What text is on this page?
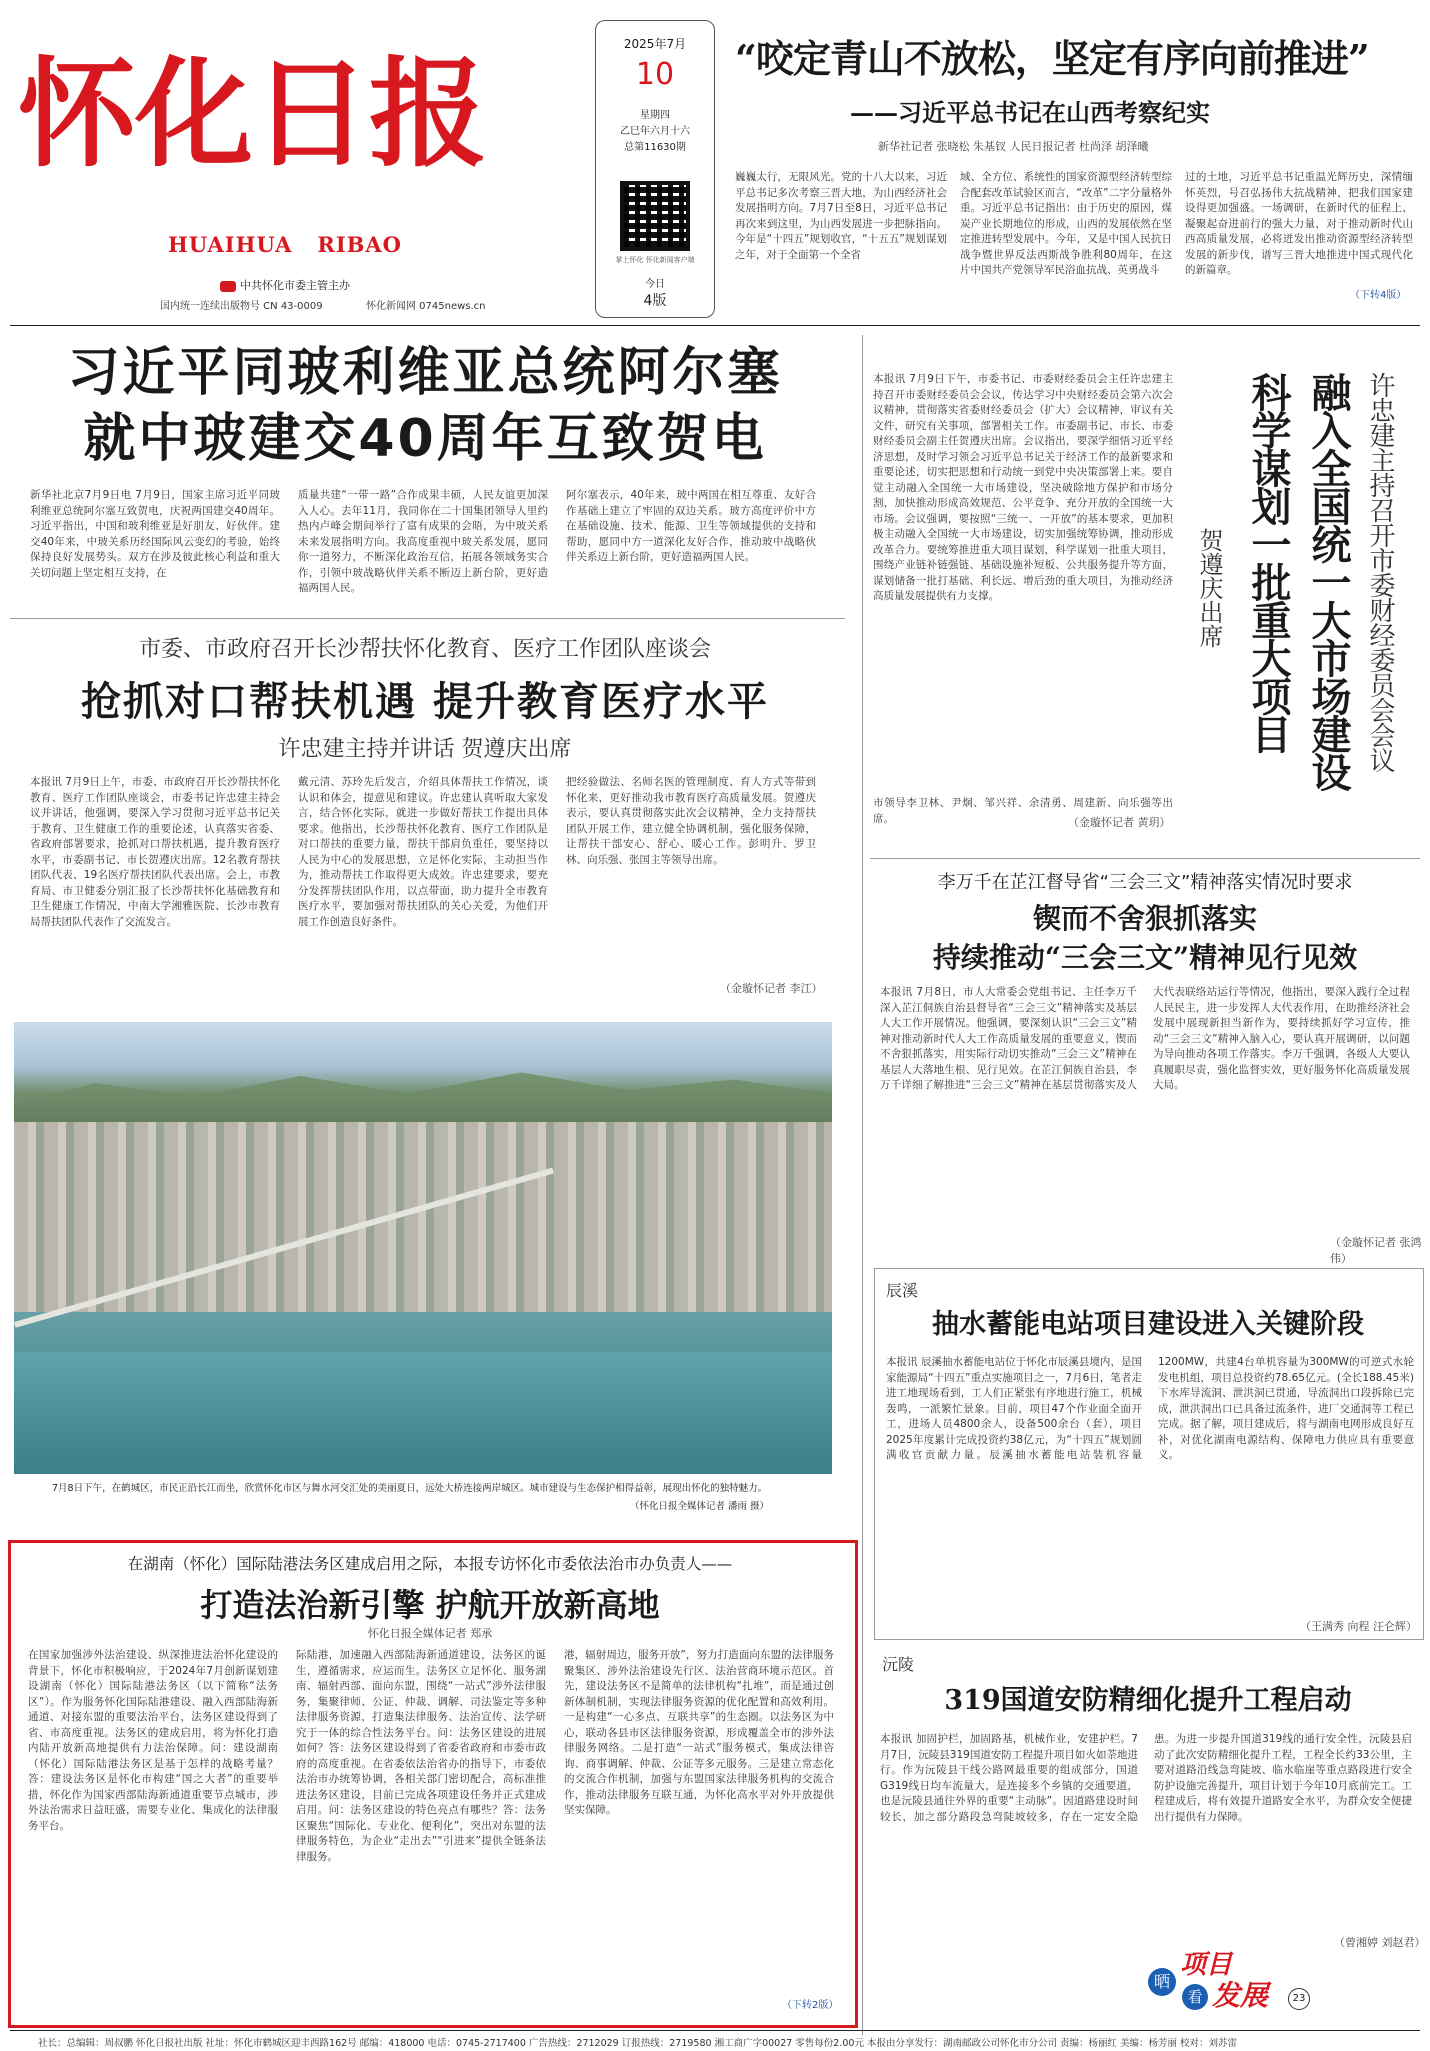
怀化日报
HUAIHUA   RIBAO
中共怀化市委主管主办
国内统一连续出版物号 CN 43-0009	怀化新闻网 0745news.cn
2025年7月
10
星期四
乙巳年六月十六
总第11630期
掌上怀化 怀化新闻客户端
今日
4版
“咬定青山不放松，坚定有序向前推进”
——习近平总书记在山西考察纪实
新华社记者 张晓松 朱基钗 人民日报记者 杜尚泽 胡泽曦
巍巍太行，无限风光。党的十八大以来，习近平总书记多次考察三晋大地，为山西经济社会发展指明方向。7月7日至8日，习近平总书记再次来到这里，为山西发展进一步把脉指向。今年是“十四五”规划收官，“十五五”规划谋划之年，对于全面第一个全省
域、全方位、系统性的国家资源型经济转型综合配套改革试验区而言，“改革”二字分量格外重。习近平总书记指出：由于历史的原因，煤炭产业长期地位的形成，山西的发展依然在坚定推进转型发展中。今年，又是中国人民抗日战争暨世界反法西斯战争胜利80周年，在这片中国共产党领导军民浴血抗战、英勇战斗
过的土地，习近平总书记重温光辉历史，深情缅怀英烈，号召弘扬伟大抗战精神，把我们国家建设得更加强盛。一场调研，在新时代的征程上，凝聚起奋进前行的强大力量，对于推动新时代山西高质量发展，必将迸发出推动资源型经济转型发展的新步伐，谱写三晋大地推进中国式现代化的新篇章。
（下转4版）
习近平同玻利维亚总统阿尔塞
就中玻建交40周年互致贺电
新华社北京7月9日电 7月9日，国家主席习近平同玻利维亚总统阿尔塞互致贺电，庆祝两国建交40周年。习近平指出，中国和玻利维亚是好朋友、好伙伴。建交40年来，中玻关系历经国际风云变幻的考验，始终保持良好发展势头。双方在涉及彼此核心利益和重大关切问题上坚定相互支持，在
质量共建“一带一路”合作成果丰硕，人民友谊更加深入人心。去年11月，我同你在二十国集团领导人里约热内卢峰会期间举行了富有成果的会晤，为中玻关系未来发展指明方向。我高度重视中玻关系发展，愿同你一道努力，不断深化政治互信，拓展各领域务实合作，引领中玻战略伙伴关系不断迈上新台阶，更好造福两国人民。
阿尔塞表示，40年来，玻中两国在相互尊重、友好合作基础上建立了牢固的双边关系。玻方高度评价中方在基础设施、技术、能源、卫生等领域提供的支持和帮助，愿同中方一道深化友好合作，推动玻中战略伙伴关系迈上新台阶，更好造福两国人民。
市委、市政府召开长沙帮扶怀化教育、医疗工作团队座谈会
抢抓对口帮扶机遇 提升教育医疗水平
许忠建主持并讲话 贺遵庆出席
本报讯 7月9日上午，市委、市政府召开长沙帮扶怀化教育、医疗工作团队座谈会，市委书记许忠建主持会议并讲话，他强调，要深入学习贯彻习近平总书记关于教育、卫生健康工作的重要论述，认真落实省委、省政府部署要求，抢抓对口帮扶机遇，提升教育医疗水平，市委副书记、市长贺遵庆出席。12名教育帮扶团队代表、19名医疗帮扶团队代表出席。会上，市教育局、市卫健委分别汇报了长沙帮扶怀化基础教育和卫生健康工作情况，中南大学湘雅医院、长沙市教育局帮扶团队代表作了交流发言。
戴元清、苏玲先后发言，介绍具体帮扶工作情况，谈认识和体会，提意见和建议。许忠建认真听取大家发言，结合怀化实际，就进一步做好帮扶工作提出具体要求。他指出，长沙帮扶怀化教育、医疗工作团队是对口帮扶的重要力量，帮扶干部肩负重任，要坚持以人民为中心的发展思想，立足怀化实际，主动担当作为，推动帮扶工作取得更大成效。许忠建要求，要充分发挥帮扶团队作用，以点带面，助力提升全市教育医疗水平，要加强对帮扶团队的关心关爱，为他们开展工作创造良好条件。
把经验做法、名师名医的管理制度、育人方式等带到怀化来，更好推动我市教育医疗高质量发展。贺遵庆表示，要认真贯彻落实此次会议精神，全力支持帮扶团队开展工作，建立健全协调机制，强化服务保障，让帮扶干部安心、舒心、暖心工作。彭明升、罗卫林、向乐强、张国主等领导出席。
（金璇怀记者 李江）
7月8日下午，在鹤城区，市民正沿长江而坐，欣赏怀化市区与舞水河交汇处的美丽夏日，远处大桥连接两岸城区。城市建设与生态保护相得益彰，展现出怀化的独特魅力。
（怀化日报全媒体记者 潘雨 摄）
在湖南（怀化）国际陆港法务区建成启用之际，本报专访怀化市委依法治市办负责人——
打造法治新引擎 护航开放新高地
怀化日报全媒体记者 郑承
在国家加强涉外法治建设、纵深推进法治怀化建设的背景下，怀化市积极响应，于2024年7月创新谋划建设湖南（怀化）国际陆港法务区（以下简称“法务区”）。作为服务怀化国际陆港建设、融入西部陆海新通道、对接东盟的重要法治平台，法务区建设得到了省、市高度重视。法务区的建成启用，将为怀化打造内陆开放新高地提供有力法治保障。问：建设湖南（怀化）国际陆港法务区是基于怎样的战略考量？答：建设法务区是怀化市构建“国之大者”的重要举措，怀化作为国家西部陆海新通道重要节点城市，涉外法治需求日益旺盛，需要专业化、集成化的法律服务平台。
际陆港，加速融入西部陆海新通道建设，法务区的诞生，遵循需求，应运而生。法务区立足怀化、服务湖南、辐射西部、面向东盟，围绕“一站式”涉外法律服务，集聚律师、公证、仲裁、调解、司法鉴定等多种法律服务资源，打造集法律服务、法治宣传、法学研究于一体的综合性法务平台。问：法务区建设的进展如何？答：法务区建设得到了省委省政府和市委市政府的高度重视。在省委依法治省办的指导下，市委依法治市办统筹协调，各相关部门密切配合，高标准推进法务区建设，目前已完成各项建设任务并正式建成启用。问：法务区建设的特色亮点有哪些？答：法务区聚焦“国际化、专业化、便利化”，突出对东盟的法律服务特色，为企业“走出去”“引进来”提供全链条法律服务。
港，辐射周边，服务开放”，努力打造面向东盟的法律服务聚集区、涉外法治建设先行区、法治营商环境示范区。首先，建设法务区不是简单的法律机构“扎堆”，而是通过创新体制机制，实现法律服务资源的优化配置和高效利用。一是构建“一心多点、互联共享”的生态圈。以法务区为中心，联动各县市区法律服务资源，形成覆盖全市的涉外法律服务网络。二是打造“一站式”服务模式，集成法律咨询、商事调解、仲裁、公证等多元服务。三是建立常态化的交流合作机制，加强与东盟国家法律服务机构的交流合作，推动法律服务互联互通，为怀化高水平对外开放提供坚实保障。
（下转2版）
本报讯 7月9日下午，市委书记、市委财经委员会主任许忠建主持召开市委财经委员会会议，传达学习中央财经委员会第六次会议精神，贯彻落实省委财经委员会（扩大）会议精神，审议有关文件，研究有关事项，部署相关工作。市委副书记、市长、市委财经委员会副主任贺遵庆出席。会议指出，要深学细悟习近平经济思想，及时学习领会习近平总书记关于经济工作的最新要求和重要论述，切实把思想和行动统一到党中央决策部署上来。要自觉主动融入全国统一大市场建设，坚决破除地方保护和市场分割，加快推动形成高效规范、公平竞争、充分开放的全国统一大市场。会议强调，要按照“三统一、一开放”的基本要求，更加积极主动融入全国统一大市场建设，切实加强统筹协调，推动形成改革合力。要统筹推进重大项目谋划，科学谋划一批重大项目，围绕产业链补链强链、基础设施补短板、公共服务提升等方面，谋划储备一批打基础、利长远、增后劲的重大项目，为推动经济高质量发展提供有力支撑。
市领导李卫林、尹炯、邹兴祥、余清勇、周建新、向乐强等出席。	（金璇怀记者 黄玥）
许忠建主持召开市委财经委员会会议
融入全国统一大市场建设
科学谋划一批重大项目
贺遵庆出席
李万千在芷江督导省“三会三文”精神落实情况时要求
锲而不舍狠抓落实
持续推动“三会三文”精神见行见效
本报讯 7月8日，市人大常委会党组书记、主任李万千深入芷江侗族自治县督导省“三会三文”精神落实及基层人大工作开展情况。他强调，要深刻认识“三会三文”精神对推动新时代人大工作高质量发展的重要意义，锲而不舍狠抓落实，用实际行动切实推动“三会三文”精神在基层人大落地生根、见行见效。在芷江侗族自治县，李万千详细了解推进“三会三文”精神在基层贯彻落实及人大代表联络站运行等情况，他指出，要深入践行全过程人民民主，进一步发挥人大代表作用，在助推经济社会发展中展现新担当新作为，要持续抓好学习宣传，推动“三会三文”精神入脑入心，要认真开展调研，以问题为导向推动各项工作落实。李万千强调，各级人大要认真履职尽责，强化监督实效，更好服务怀化高质量发展大局。
（金璇怀记者 张鸿伟）
辰溪
抽水蓄能电站项目建设进入关键阶段
本报讯 辰溪抽水蓄能电站位于怀化市辰溪县境内，是国家能源局“十四五”重点实施项目之一，7月6日，笔者走进工地现场看到，工人们正紧张有序地进行施工，机械轰鸣，一派繁忙景象。目前，项目47个作业面全面开工，进场人员4800余人，设备500余台（套），项目2025年度累计完成投资约38亿元，为“十四五”规划圆满收官贡献力量。辰溪抽水蓄能电站装机容量1200MW，共建4台单机容量为300MW的可逆式水轮发电机组，项目总投资约78.65亿元。(全长188.45米)下水库导流洞、泄洪洞已贯通，导流洞出口段拆除已完成，泄洪洞出口已具备过流条件，进厂交通洞等工程已完成。据了解，项目建成后，将与湖南电网形成良好互补，对优化湖南电源结构、保障电力供应具有重要意义。
（王满秀 向程 汪仑辉）
沅陵
319国道安防精细化提升工程启动
本报讯 加固护栏，加固路基，机械作业，安建护栏。7月7日，沅陵县319国道安防工程提升项目如火如荼地进行。作为沅陵县干线公路网最重要的组成部分，国道G319线日均车流量大，是连接多个乡镇的交通要道，也是沅陵县通往外界的重要“主动脉”。因道路建设时间较长，加之部分路段急弯陡坡较多，存在一定安全隐患。为进一步提升国道319线的通行安全性，沅陵县启动了此次安防精细化提升工程，工程全长约33公里，主要对道路沿线急弯陡坡、临水临崖等重点路段进行安全防护设施完善提升，项目计划于今年10月底前完工。工程建成后，将有效提升道路安全水平，为群众安全便捷出行提供有力保障。
（曾湘婷 刘赵君）
晒
项目
看 发展	23
社长：总编辑：周叔鹏 怀化日报社出版 社址：怀化市鹤城区迎丰西路162号 邮编：418000 电话：0745-2717400 广告热线：2712029 订报热线：2719580 湘工商广字00027 零售每份2.00元 本报由分享发行：湖南邮政公司怀化市分公司 责编：杨丽红 美编：杨芳丽 校对：刘苏雷
